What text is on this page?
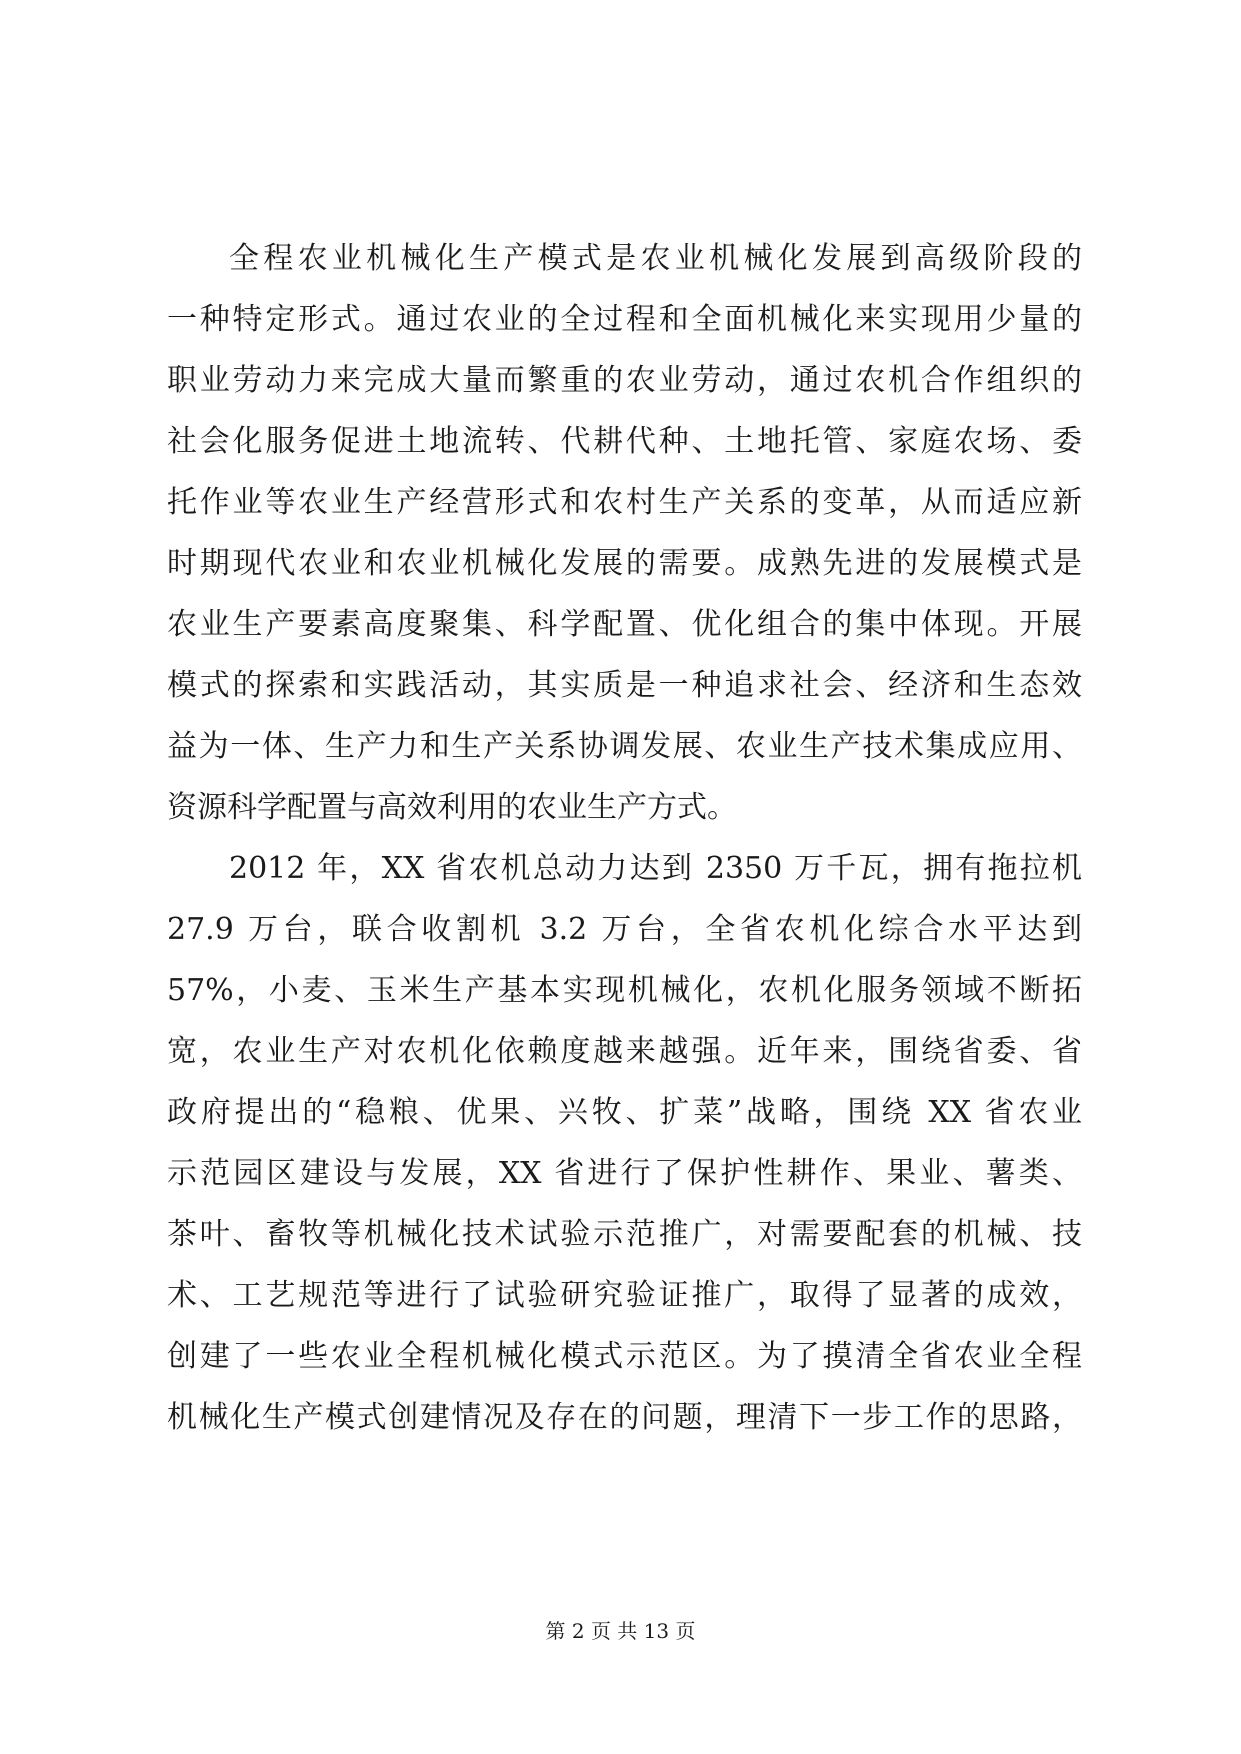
全程农业机械化生产模式是农业机械化发展到高级阶段的
一种特定形式。通过农业的全过程和全面机械化来实现用少量的
职业劳动力来完成大量而繁重的农业劳动，通过农机合作组织的
社会化服务促进土地流转、代耕代种、土地托管、家庭农场、委
托作业等农业生产经营形式和农村生产关系的变革，从而适应新
时期现代农业和农业机械化发展的需要。成熟先进的发展模式是
农业生产要素高度聚集、科学配置、优化组合的集中体现。开展
模式的探索和实践活动，其实质是一种追求社会、经济和生态效
益为一体、生产力和生产关系协调发展、农业生产技术集成应用、
资源科学配置与高效利用的农业生产方式。
2012 年，XX 省农机总动力达到 2350 万千瓦，拥有拖拉机
27.9 万台，联合收割机 3.2 万台，全省农机化综合水平达到
57%，小麦、玉米生产基本实现机械化，农机化服务领域不断拓
宽，农业生产对农机化依赖度越来越强。近年来，围绕省委、省
政府提出的“稳粮、优果、兴牧、扩菜”战略，围绕 XX 省农业
示范园区建设与发展，XX 省进行了保护性耕作、果业、薯类、
茶叶、畜牧等机械化技术试验示范推广，对需要配套的机械、技
术、工艺规范等进行了试验研究验证推广，取得了显著的成效，
创建了一些农业全程机械化模式示范区。为了摸清全省农业全程
机械化生产模式创建情况及存在的问题，理清下一步工作的思路，
第 2 页 共 13 页
